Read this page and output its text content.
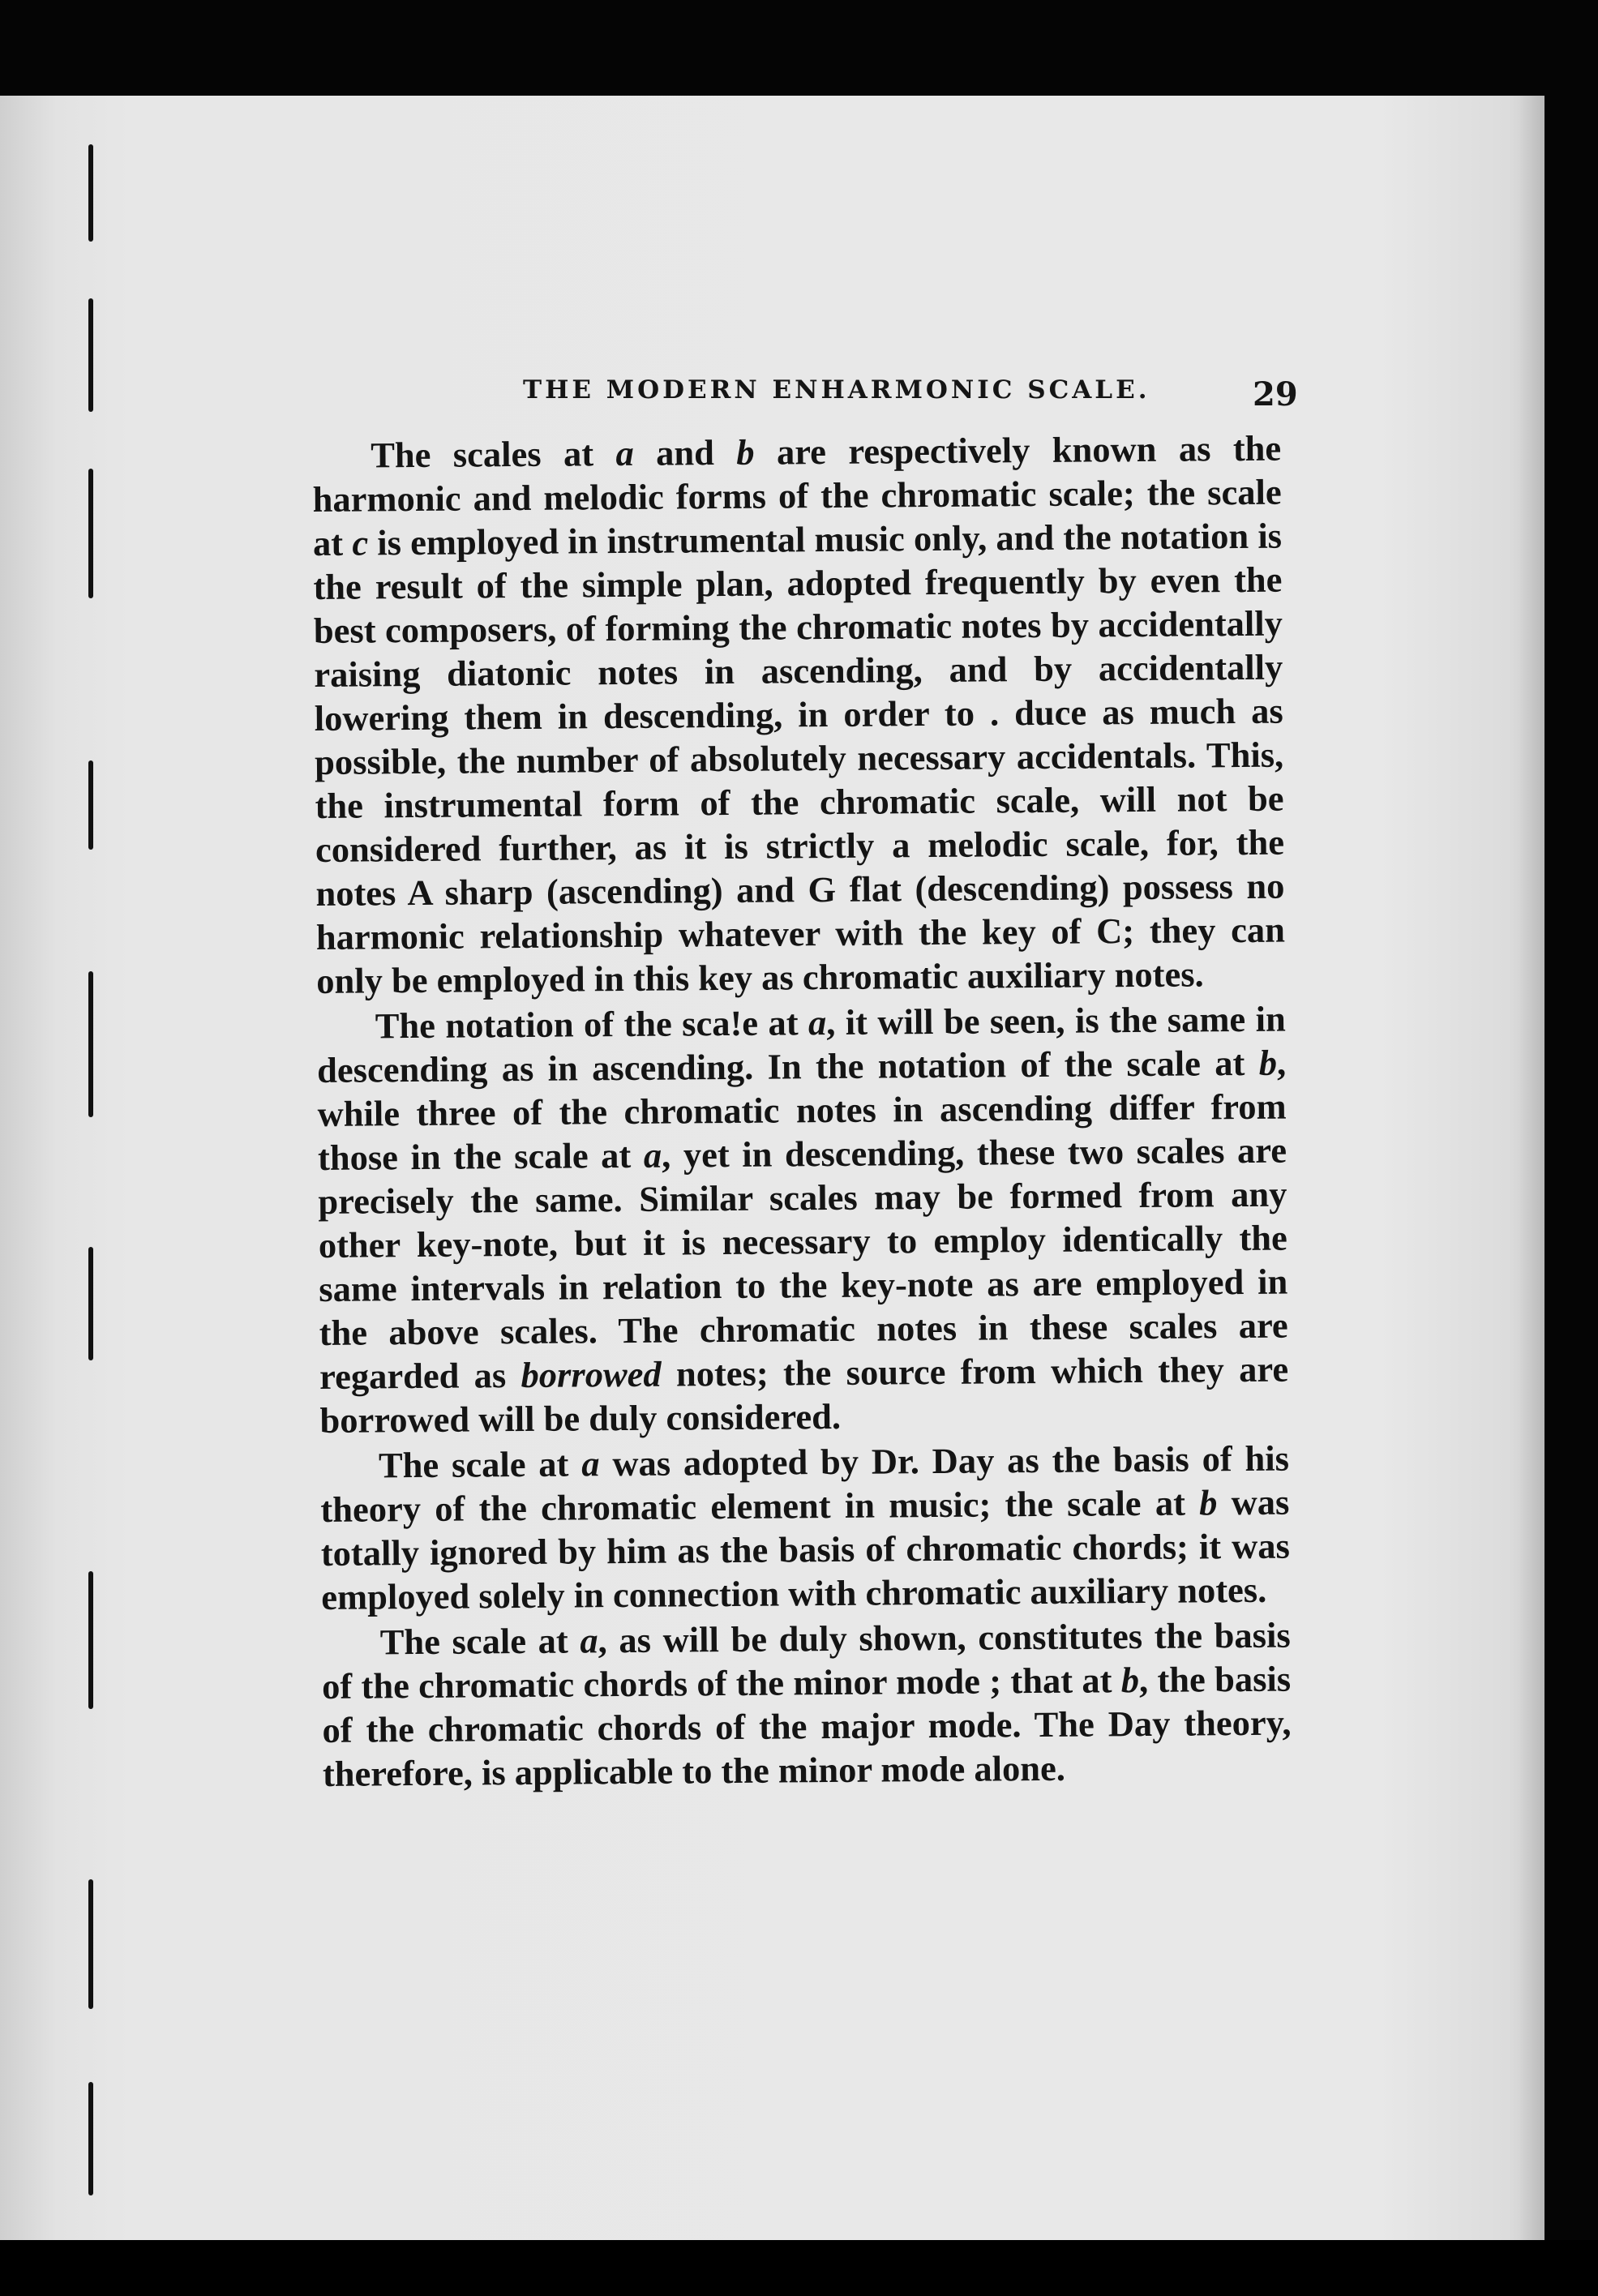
THE MODERN ENHARMONIC SCALE.	29

The scales at a and b are respectively known as the harmonic and melodic forms of the chromatic scale; the scale at c is employed in instrumental music only, and the notation is the result of the simple plan, adopted frequently by even the best composers, of forming the chromatic notes by accidentally raising diatonic notes in ascending, and by accidentally lowering them in descending, in order to . duce as much as possible, the number of absolutely necessary accidentals. This, the instrumental form of the chromatic scale, will not be considered further, as it is strictly a melodic scale, for, the notes A sharp (ascending) and G flat (descending) possess no harmonic relationship whatever with the key of C; they can only be employed in this key as chromatic auxiliary notes.

The notation of the sca!e at a, it will be seen, is the same in descending as in ascending. In the notation of the scale at b, while three of the chromatic notes in ascending differ from those in the scale at a, yet in descending, these two scales are precisely the same. Similar scales may be formed from any other key-note, but it is necessary to employ identically the same intervals in relation to the key-note as are employed in the above scales. The chromatic notes in these scales are regarded as borrowed notes; the source from which they are borrowed will be duly considered.

The scale at a was adopted by Dr. Day as the basis of his theory of the chromatic element in music; the scale at b was totally ignored by him as the basis of chromatic chords; it was employed solely in connection with chromatic auxiliary notes.

The scale at a, as will be duly shown, constitutes the basis of the chromatic chords of the minor mode ; that at b, the basis of the chromatic chords of the major mode. The Day theory, therefore, is applicable to the minor mode alone.
